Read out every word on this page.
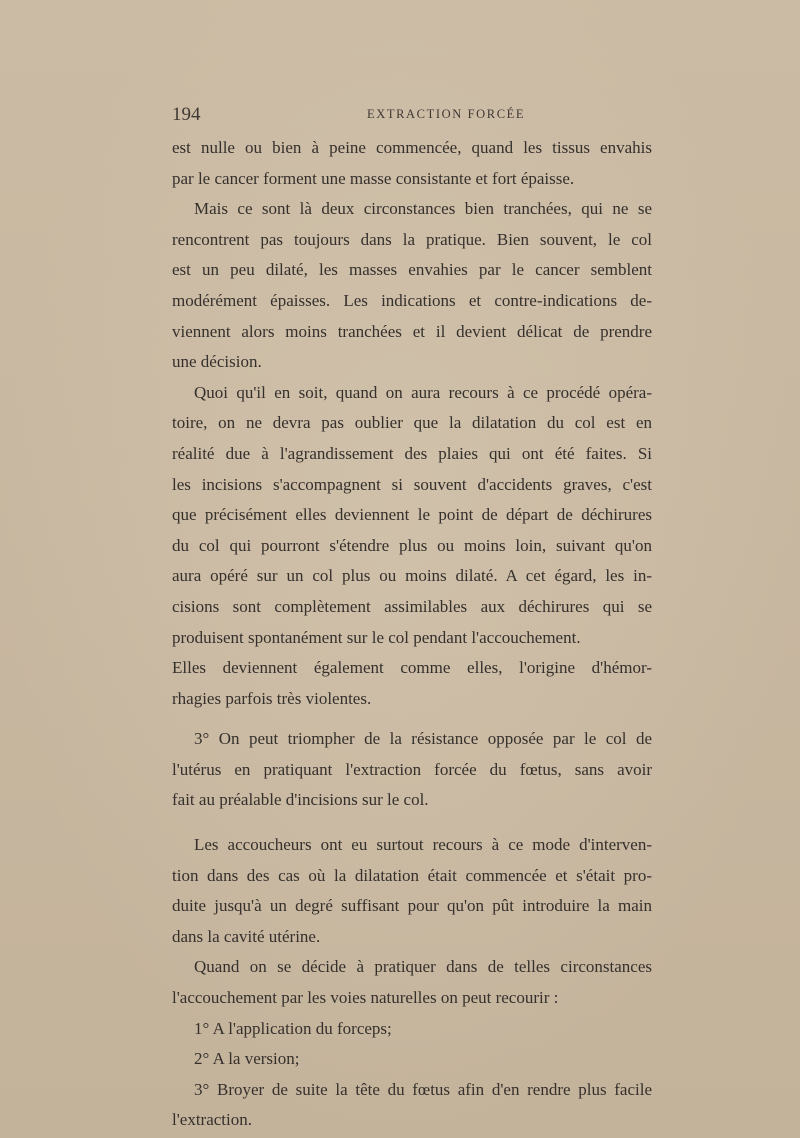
194	EXTRACTION FORCÉE
est nulle ou bien à peine commencée, quand les tissus envahis
par le cancer forment une masse consistante et fort épaisse.
Mais ce sont là deux circonstances bien tranchées, qui ne se
rencontrent pas toujours dans la pratique. Bien souvent, le col
est un peu dilaté, les masses envahies par le cancer semblent
modérément épaisses. Les indications et contre-indications de-
viennent alors moins tranchées et il devient délicat de prendre
une décision.
Quoi qu'il en soit, quand on aura recours à ce procédé opéra-
toire, on ne devra pas oublier que la dilatation du col est en
réalité due à l'agrandissement des plaies qui ont été faites. Si
les incisions s'accompagnent si souvent d'accidents graves, c'est
que précisément elles deviennent le point de départ de déchirures
du col qui pourront s'étendre plus ou moins loin, suivant qu'on
aura opéré sur un col plus ou moins dilaté. A cet égard, les in-
cisions sont complètement assimilables aux déchirures qui se
produisent spontanément sur le col pendant l'accouchement.
Elles deviennent également comme elles, l'origine d'hémor-
rhagies parfois très violentes.
3° On peut triompher de la résistance opposée par le col de
l'utérus en pratiquant l'extraction forcée du fœtus, sans avoir
fait au préalable d'incisions sur le col.
Les accoucheurs ont eu surtout recours à ce mode d'interven-
tion dans des cas où la dilatation était commencée et s'était pro-
duite jusqu'à un degré suffisant pour qu'on pût introduire la main
dans la cavité utérine.
Quand on se décide à pratiquer dans de telles circonstances
l'accouchement par les voies naturelles on peut recourir :
1° A l'application du forceps;
2° A la version;
3° Broyer de suite la tête du fœtus afin d'en rendre plus facile
l'extraction.
